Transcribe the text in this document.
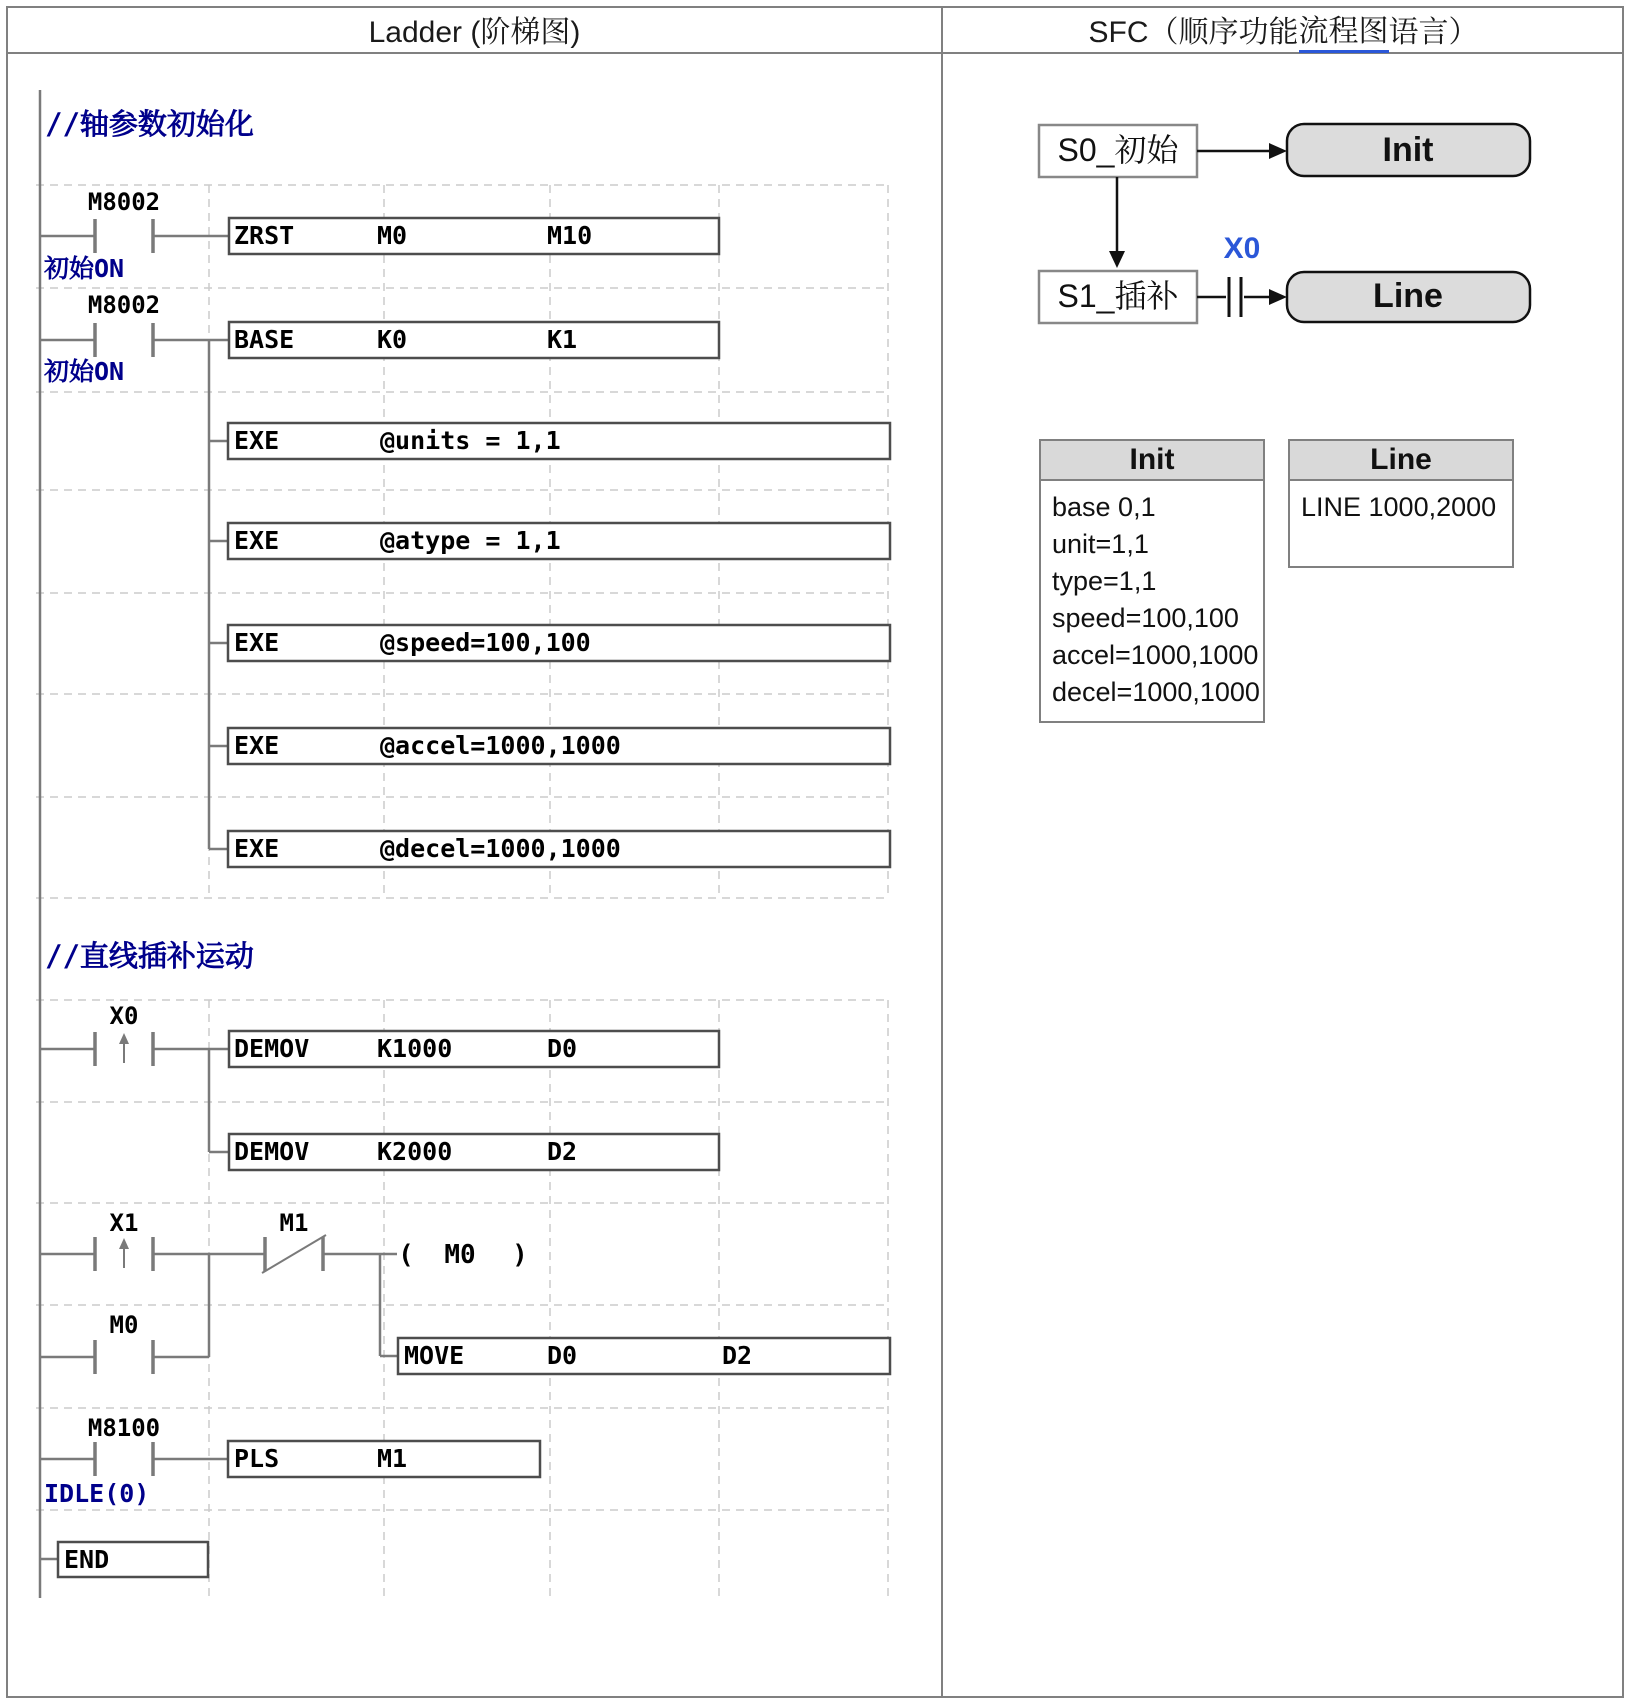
Ladder (阶梯图)	SFC（顺序功能 流程图 语言）
//轴参数初始化
M8002
初始ON
ZRST	M0	M10
M8002
初始ON
BASE	K0	K1
EXE	@units = 1,1
EXE	@atype = 1,1
EXE	@speed=100,100
EXE	@accel=1000,1000
EXE	@decel=1000,1000
//直线插补运动
X0
DEMOV	K1000	D0
DEMOV	K2000	D2
X1	M1
( M0 )
M0
MOVE	D0	D2
M8100
IDLE(0)
PLS	M1
END
S0_初始	Init
S1_插补
X0
Line
Init
base 0,1
unit=1,1
type=1,1
speed=100,100
accel=1000,1000
decel=1000,1000
Line
LINE 1000,2000
